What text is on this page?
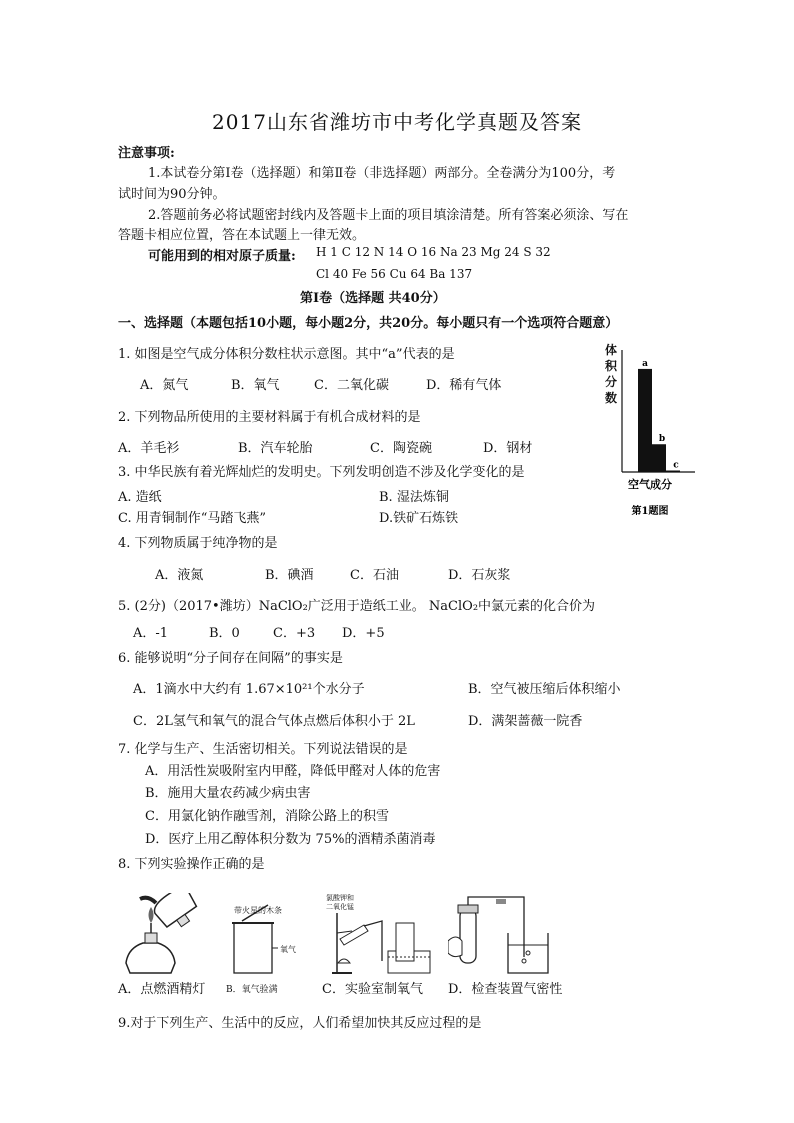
2017山东省潍坊市中考化学真题及答案
注意事项:
1.本试卷分第Ⅰ卷（选择题）和第Ⅱ卷（非选择题）两部分。全卷满分为100分，考
试时间为90分钟。
2.答题前务必将试题密封线内及答题卡上面的项目填涂清楚。所有答案必须涂、写在
答题卡相应位置，答在本试题上一律无效。
可能用到的相对原子质量: H 1 C 12 N 14 O 16 Na 23 Mg 24 S 32
Cl 40 Fe 56 Cu 64 Ba 137
第Ⅰ卷（选择题 共40分）
一、选择题（本题包括10小题，每小题2分，共20分。每小题只有一个选项符合题意）
1. 如图是空气成分体积分数柱状示意图。其中“a”代表的是
A．氮气	B．氧气	C．二氧化碳	D．稀有气体
2. 下列物品所使用的主要材料属于有机合成材料的是
A．羊毛衫	B．汽车轮胎	C．陶瓷碗	D．钢材
3. 中华民族有着光辉灿烂的发明史。下列发明创造不涉及化学变化的是
A. 造纸	B. 湿法炼铜
C. 用青铜制作“马踏飞燕”	D.铁矿石炼铁
4. 下列物质属于纯净物的是
A．液氮	B．碘酒	C．石油	D．石灰浆
5. (2分)（2017•潍坊）NaClO₂广泛用于造纸工业。 NaClO₂中氯元素的化合价为
A．-1	B．0	C．+3 D．+5
6. 能够说明“分子间存在间隔”的事实是
A．1滴水中大约有 1.67×10²¹个水分子	B．空气被压缩后体积缩小
C．2L氢气和氧气的混合气体点燃后体积小于 2L	D．满架蔷薇一院香
7. 化学与生产、生活密切相关。下列说法错误的是
A．用活性炭吸附室内甲醛，降低甲醛对人体的危害
B．施用大量农药减少病虫害
C．用氯化钠作融雪剂，消除公路上的积雪
D．医疗上用乙醇体积分数为 75%的酒精杀菌消毒
8. 下列实验操作正确的是
带火星的木条
氧气
氯酸钾和
二氧化锰
A．点燃酒精灯 B．氧气验满	C．实验室制氧气 D．检查装置气密性
9.对于下列生产、生活中的反应，人们希望加快其反应过程的是
a
b
c
空气成分
第1题图
体积分数
